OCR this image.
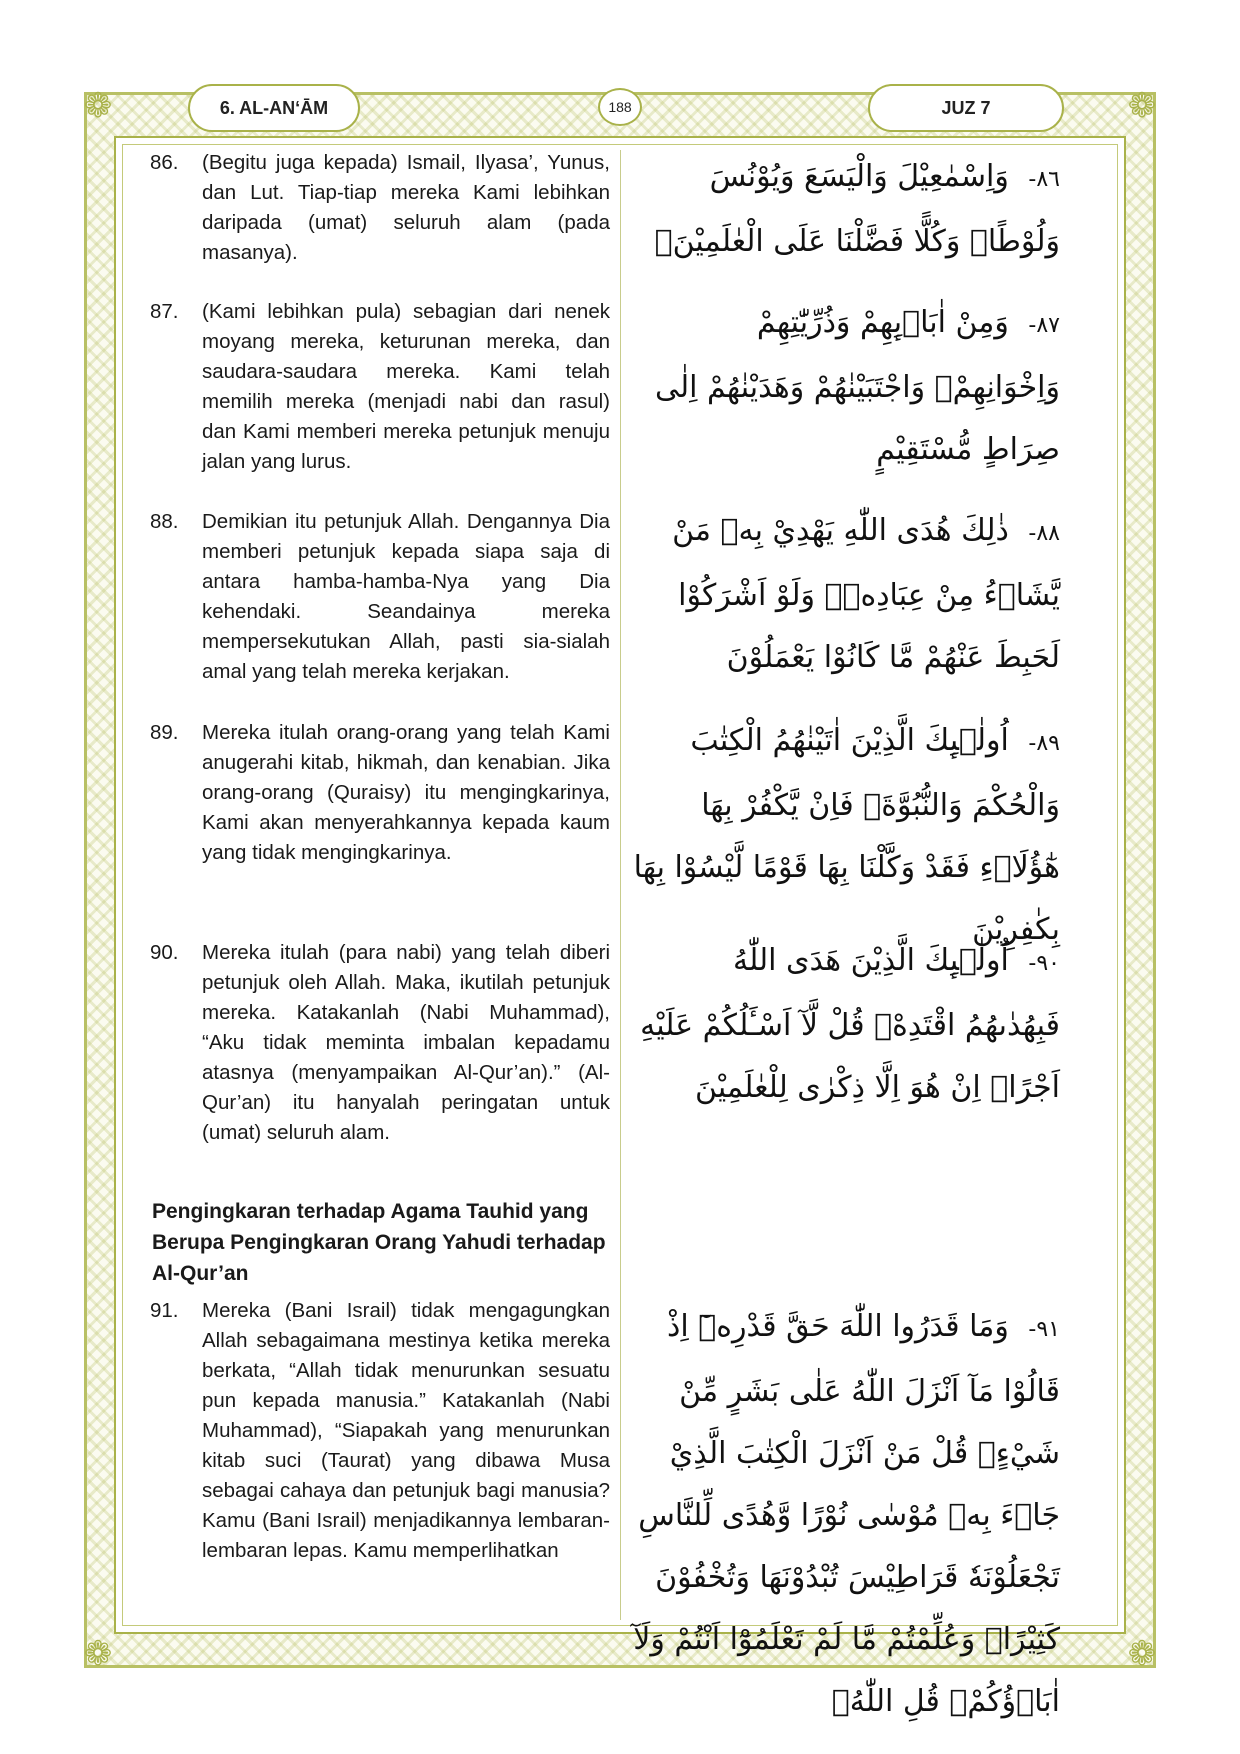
❁	❁
❁	❁
6. AL-AN‘ĀM	188	JUZ 7
86.	(Begitu juga kepada) Ismail, Ilyasa’, Yunus, dan Lut. Tiap-tiap mereka Kami lebihkan daripada (umat) seluruh alam (pada masanya).
٨٦- وَاِسْمٰعِيْلَ وَالْيَسَعَ وَيُوْنُسَ وَلُوْطًاۗ وَكُلًّا فَضَّلْنَا عَلَى الْعٰلَمِيْنَۙ
87.	(Kami lebihkan pula) sebagian dari nenek moyang mereka, keturunan mereka, dan saudara-saudara mereka. Kami telah memilih mereka (menjadi nabi dan rasul) dan Kami memberi mereka petunjuk menuju jalan yang lurus.
٨٧- وَمِنْ اٰبَاۤىِٕهِمْ وَذُرِّيّٰتِهِمْ وَاِخْوَانِهِمْۚ وَاجْتَبَيْنٰهُمْ وَهَدَيْنٰهُمْ اِلٰى صِرَاطٍ مُّسْتَقِيْمٍ
88.	Demikian itu petunjuk Allah. Dengannya Dia memberi petunjuk kepada siapa saja di antara hamba-hamba-Nya yang Dia kehendaki. Seandainya mereka mempersekutukan Allah, pasti sia-sialah amal yang telah mereka kerjakan.
٨٨- ذٰلِكَ هُدَى اللّٰهِ يَهْدِيْ بِهٖ مَنْ يَّشَاۤءُ مِنْ عِبَادِهٖۗ وَلَوْ اَشْرَكُوْا لَحَبِطَ عَنْهُمْ مَّا كَانُوْا يَعْمَلُوْنَ
89.	Mereka itulah orang-orang yang telah Kami anugerahi kitab, hikmah, dan kenabian. Jika orang-orang (Quraisy) itu mengingkarinya, Kami akan menyerahkannya kepada kaum yang tidak mengingkarinya.
٨٩- اُولٰۤىِٕكَ الَّذِيْنَ اٰتَيْنٰهُمُ الْكِتٰبَ وَالْحُكْمَ وَالنُّبُوَّةَۚ فَاِنْ يَّكْفُرْ بِهَا هٰٓؤُلَاۤءِ فَقَدْ وَكَّلْنَا بِهَا قَوْمًا لَّيْسُوْا بِهَا بِكٰفِرِيْنَ
90.	Mereka itulah (para nabi) yang telah diberi petunjuk oleh Allah. Maka, ikutilah petunjuk mereka. Katakanlah (Nabi Muhammad), “Aku tidak meminta imbalan kepadamu atasnya (menyampaikan Al-Qur’an).” (Al-Qur’an) itu hanyalah peringatan untuk (umat) seluruh alam.
٩٠- اُولٰۤىِٕكَ الَّذِيْنَ هَدَى اللّٰهُ فَبِهُدٰىهُمُ اقْتَدِهْۗ قُلْ لَّآ اَسْـَٔلُكُمْ عَلَيْهِ اَجْرًاۗ اِنْ هُوَ اِلَّا ذِكْرٰى لِلْعٰلَمِيْنَ
Pengingkaran terhadap Agama Tauhid yang Berupa Pengingkaran Orang Yahudi terhadap Al-Qur’an
91.	Mereka (Bani Israil) tidak mengagungkan Allah sebagaimana mestinya ketika mereka berkata, “Allah tidak menurunkan sesuatu pun kepada manusia.” Katakanlah (Nabi Muhammad), “Siapakah yang menurunkan kitab suci (Taurat) yang dibawa Musa sebagai cahaya dan petunjuk bagi manusia? Kamu (Bani Israil) menjadikannya lembaran-lembaran lepas. Kamu memperlihatkan
٩١- وَمَا قَدَرُوا اللّٰهَ حَقَّ قَدْرِهٖٓ اِذْ قَالُوْا مَآ اَنْزَلَ اللّٰهُ عَلٰى بَشَرٍ مِّنْ شَيْءٍۗ قُلْ مَنْ اَنْزَلَ الْكِتٰبَ الَّذِيْ جَاۤءَ بِهٖ مُوْسٰى نُوْرًا وَّهُدًى لِّلنَّاسِ تَجْعَلُوْنَهٗ قَرَاطِيْسَ تُبْدُوْنَهَا وَتُخْفُوْنَ كَثِيْرًاۚ وَعُلِّمْتُمْ مَّا لَمْ تَعْلَمُوْٓا اَنْتُمْ وَلَآ اٰبَاۤؤُكُمْۗ قُلِ اللّٰهُۙ
